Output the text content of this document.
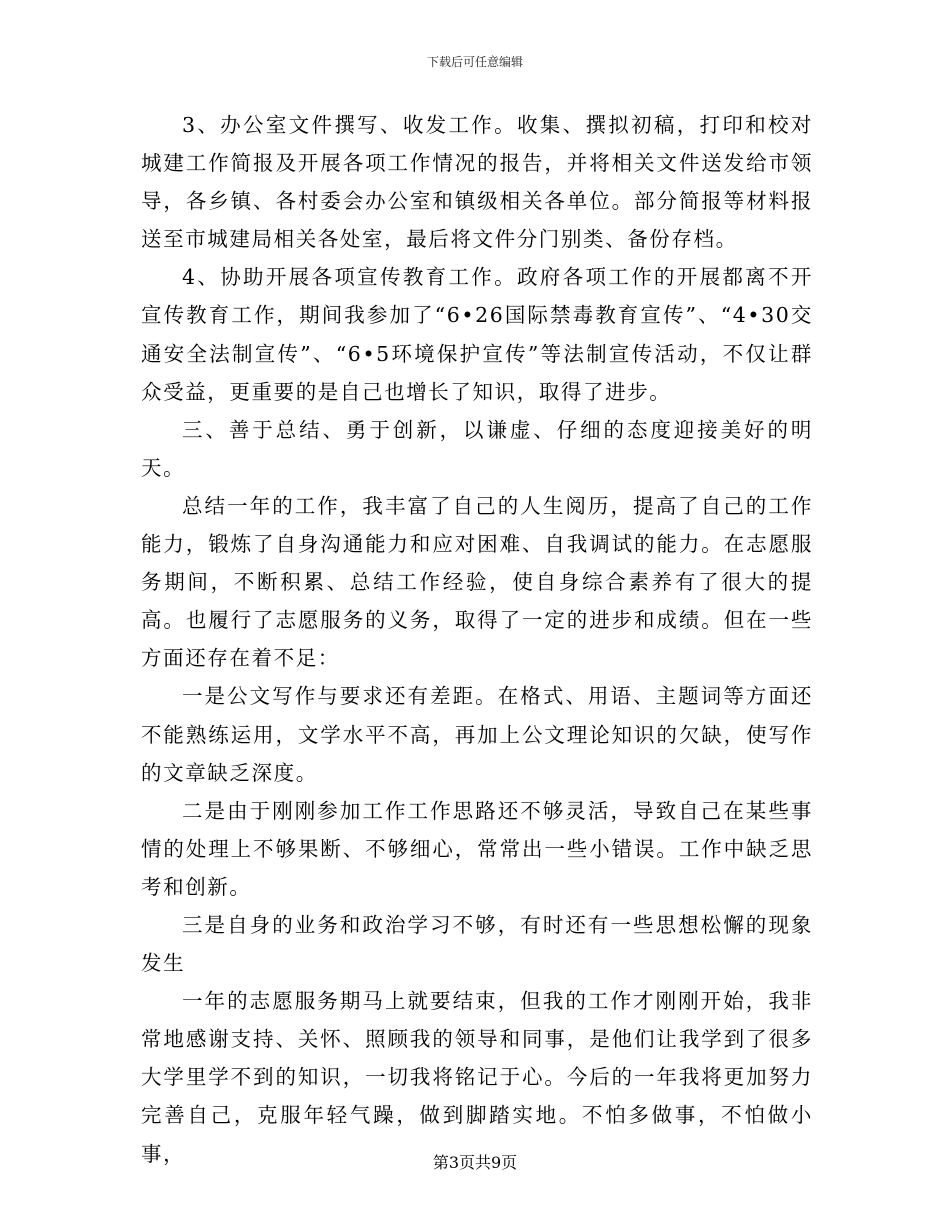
下载后可任意编辑

3、办公室文件撰写、收发工作。收集、撰拟初稿，打印和校对城建工作简报及开展各项工作情况的报告，并将相关文件送发给市领导，各乡镇、各村委会办公室和镇级相关各单位。部分简报等材料报送至市城建局相关各处室，最后将文件分门别类、备份存档。

4、协助开展各项宣传教育工作。政府各项工作的开展都离不开宣传教育工作，期间我参加了“6•26国际禁毒教育宣传”、“4•30交通安全法制宣传”、“6•5环境保护宣传”等法制宣传活动，不仅让群众受益，更重要的是自己也增长了知识，取得了进步。

三、善于总结、勇于创新，以谦虚、仔细的态度迎接美好的明天。

总结一年的工作，我丰富了自己的人生阅历，提高了自己的工作能力，锻炼了自身沟通能力和应对困难、自我调试的能力。在志愿服务期间，不断积累、总结工作经验，使自身综合素养有了很大的提高。也履行了志愿服务的义务，取得了一定的进步和成绩。但在一些方面还存在着不足：

一是公文写作与要求还有差距。在格式、用语、主题词等方面还不能熟练运用，文学水平不高，再加上公文理论知识的欠缺，使写作的文章缺乏深度。

二是由于刚刚参加工作工作思路还不够灵活，导致自己在某些事情的处理上不够果断、不够细心，常常出一些小错误。工作中缺乏思考和创新。

三是自身的业务和政治学习不够，有时还有一些思想松懈的现象发生

一年的志愿服务期马上就要结束，但我的工作才刚刚开始，我非常地感谢支持、关怀、照顾我的领导和同事，是他们让我学到了很多大学里学不到的知识，一切我将铭记于心。今后的一年我将更加努力完善自己，克服年轻气躁，做到脚踏实地。不怕多做事，不怕做小事，	第3页共9页
